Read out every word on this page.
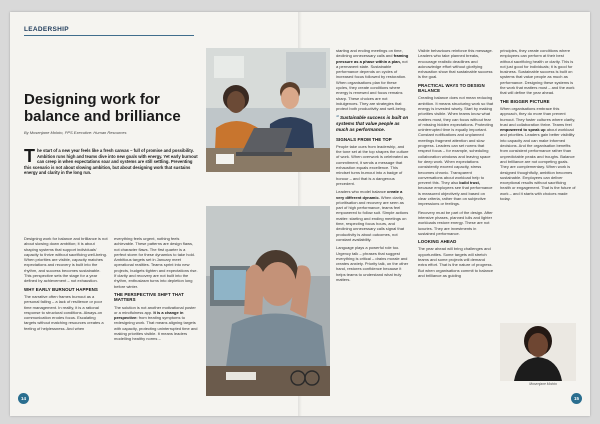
LEADERSHIP
Designing work for balance and brilliance
By Mosenjane Moloto, PPS Executive: Human Resources
The start of a new year feels like a fresh canvas – full of promise and possibility. Ambition runs high and teams dive into new goals with energy. Yet early burnout can creep in when expectations soar and systems are still settling. Preventing this scenario is not about slowing ambition, but about designing work that sustains energy and clarity in the long run.

Designing work for balance and brilliance is not about slowing down ambition; it is about shaping systems that support individuals' capacity to thrive without sacrificing well-being. When priorities are visible, capacity matches expectations and recovery is built into the rhythm, and success becomes sustainable. This perspective sets the stage for a year defined by achievement – not exhaustion.

WHY EARLY BURNOUT HAPPENS

The narrative often frames burnout as a personal failing – a lack of resilience or poor time management. In reality, it is a rational response to structural conditions. Always-on communication erodes focus. Escalating targets without matching resources creates a feeling of helplessness. And when

everything feels urgent, nothing feels achievable. These patterns are design flaws, not character flaws. The first quarter is a perfect storm for these dynamics to take hold. Ambitious targets set in January meet operational realities. Teams sprint into new projects, budgets tighten and expectations rise. If clarity and recovery are not built into the rhythm, enthusiasm turns into depletion long before winter.

THE PERSPECTIVE SHIFT THAT MATTERS

The solution is not another motivational poster or a mindfulness app. It is a change in perspective: from treating symptoms to redesigning work. That means aligning targets with capacity, protecting uninterrupted time and making priorities visible. It means leaders modelling healthy norms –

starting and ending meetings on time, declining unnecessary calls and framing pressure as a phase within a plan, not a permanent state. Sustainable performance depends on cycles of increased focus followed by restoration. When organisations plan for these cycles, they create conditions where energy is renewed and focus remains sharp. These choices are not indulgences. They are strategies that protect both productivity and well-being.

“ Sustainable success is built on systems that value people as much as performance.
SIGNALS FROM THE TOP

People take cues from leadership, and the tone set at the top shapes the culture of work. When overwork is celebrated as commitment, it sends a message that exhaustion equals excellence. This mindset turns burnout into a badge of honour – and that is a dangerous precedent.

Leaders who model balance create a very different dynamic. When clarity, prioritisation and recovery are seen as part of high performance, teams feel empowered to follow suit. Simple actions matter: starting and ending meetings on time, respecting focus hours, and declining unnecessary calls signal that productivity is about outcomes, not constant availability.

Language plays a powerful role too. Urgency talk – phrases that suggest everything is critical – drains morale and creates anxiety. Priority talk, on the other hand, restores confidence because it helps teams to understand what truly matters.

Visible behaviours reinforce this message. Leaders who take planned breaks, encourage realistic deadlines and acknowledge effort without glorifying exhaustion show that sustainable success is the goal.

PRACTICAL WAYS TO DESIGN BALANCE

Creating balance does not mean reducing ambition. It means structuring work so that energy is invested wisely. Start by making priorities visible. When teams know what matters most, they can focus without fear of missing hidden expectations. Protecting uninterrupted time is equally important. Constant notifications and unplanned meetings fragment attention and slow progress. Leaders can set norms that respect focus – for example, scheduling collaboration windows and leaving space for deep work. When expectations consistently exceed capacity, stress becomes chronic. Transparent conversations about workload help to prevent this. They also build trust, because employees see that performance is measured objectively and based on clear criteria, rather than on subjective impressions or feelings.

Recovery must be part of the design. After intensive phases, planned lulls and lighter workloads restore energy. These are not luxuries. They are investments in sustained performance.

LOOKING AHEAD

The year ahead will bring challenges and opportunities. Some targets will stretch teams and some projects will demand extra effort. That is the nature of progress. But when organisations commit to balance and brilliance as guiding

principles, they create conditions where employees can perform at their best without sacrificing health or clarity. This is not just good for individuals; it is good for business. Sustainable success is built on systems that value people as much as performance. Designing these systems is the work that matters most – and the work that will define the year ahead.

THE BIGGER PICTURE

When organisations embrace this approach, they do more than prevent burnout. They foster cultures where clarity, trust and collaboration thrive. Teams feel empowered to speak up about workload and priorities. Leaders gain better visibility into capacity and can make informed decisions. And the organisation benefits from consistent performance rather than unpredictable peaks and troughs. Balance and brilliance are not competing goals. They are complementary. When work is designed thoughtfully, ambition becomes sustainable. Employees can deliver exceptional results without sacrificing health or engagement. That is the future of work – and it starts with choices made today.

Mosenjane Moloto
14	15
